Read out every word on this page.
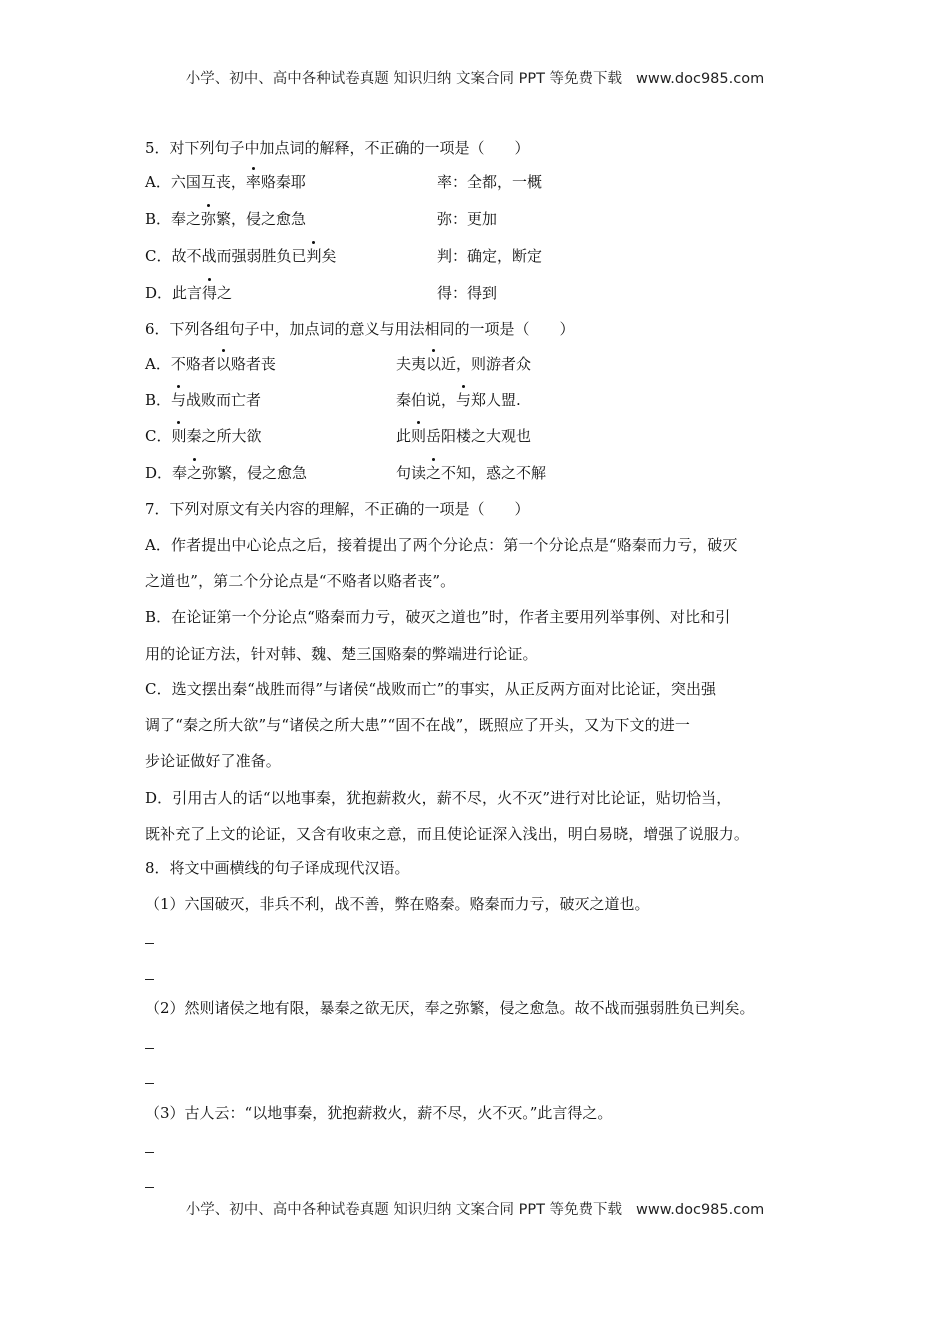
小学、初中、高中各种试卷真题 知识归纳 文案合同 PPT 等免费下载 www.doc985.com
5．对下列句子中加点词的解释，不正确的一项是（　　）
A．六国互丧，率赂秦耶	率：全都，一概
B．奉之弥繁，侵之愈急	弥：更加
C．故不战而强弱胜负已判矣	判：确定，断定
D．此言得之	得：得到
6．下列各组句子中，加点词的意义与用法相同的一项是（　　）
A．不赂者以赂者丧	夫夷以近，则游者众
B．与战败而亡者	秦伯说，与郑人盟.
C．则秦之所大欲	此则岳阳楼之大观也
D．奉之弥繁，侵之愈急	句读之不知，惑之不解
7．下列对原文有关内容的理解，不正确的一项是（　　）
A．作者提出中心论点之后，接着提出了两个分论点：第一个分论点是“赂秦而力亏，破灭
之道也”，第二个分论点是“不赂者以赂者丧”。
B．在论证第一个分论点“赂秦而力亏，破灭之道也”时，作者主要用列举事例、对比和引
用的论证方法，针对韩、魏、楚三国赂秦的弊端进行论证。
C．选文摆出秦“战胜而得”与诸侯“战败而亡”的事实，从正反两方面对比论证，突出强
调了“秦之所大欲”与“诸侯之所大患”“固不在战”，既照应了开头，又为下文的进一
步论证做好了准备。
D．引用古人的话“以地事秦，犹抱薪救火，薪不尽，火不灭”进行对比论证，贴切恰当，
既补充了上文的论证，又含有收束之意，而且使论证深入浅出，明白易晓，增强了说服力。
8．将文中画横线的句子译成现代汉语。
（1）六国破灭，非兵不利，战不善，弊在赂秦。赂秦而力亏，破灭之道也。
（2）然则诸侯之地有限，暴秦之欲无厌，奉之弥繁，侵之愈急。故不战而强弱胜负已判矣。
（3）古人云：“以地事秦，犹抱薪救火，薪不尽，火不灭。”此言得之。
小学、初中、高中各种试卷真题 知识归纳 文案合同 PPT 等免费下载 www.doc985.com
